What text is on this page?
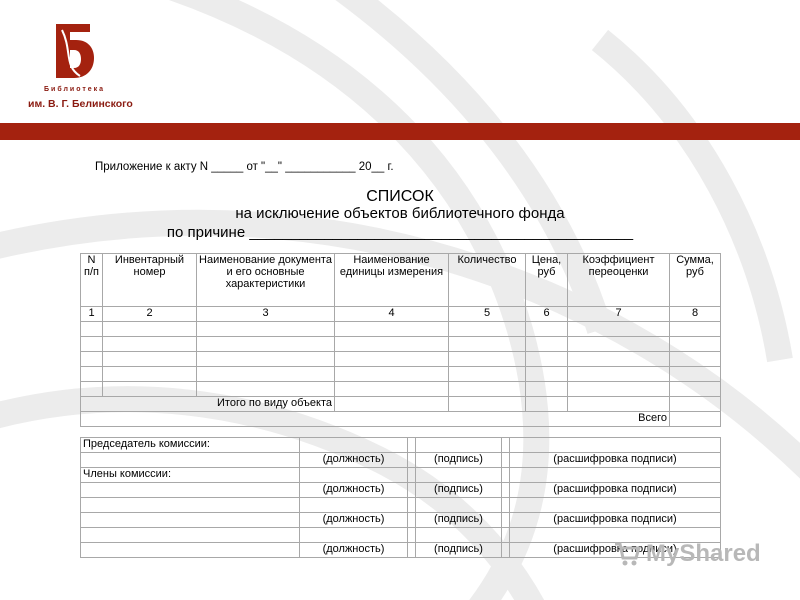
Библиотека
им. В. Г. Белинского
Приложение к акту N _____ от "__" ___________ 20__ г.
СПИСОК
на исключение объектов библиотечного фонда
по причине ______________________________________________
N п/п	Инвентарный номер	Наименование документа и его основные характеристики	Наименование единицы измерения	Количество	Цена, руб	Коэффициент переоценки	Сумма, руб
1	2	3	4	5	6	7	8

Итого по виду объекта							
Всего							
Председатель комиссии:					
	(должность)		(подпись)		(расшифровка подписи)
Члены комиссии:					
	(должность)		(подпись)		(расшифровка подписи)

	(должность)		(подпись)		(расшифровка подписи)

	(должность)		(подпись)		(расшифровка подписи)
MyShared
